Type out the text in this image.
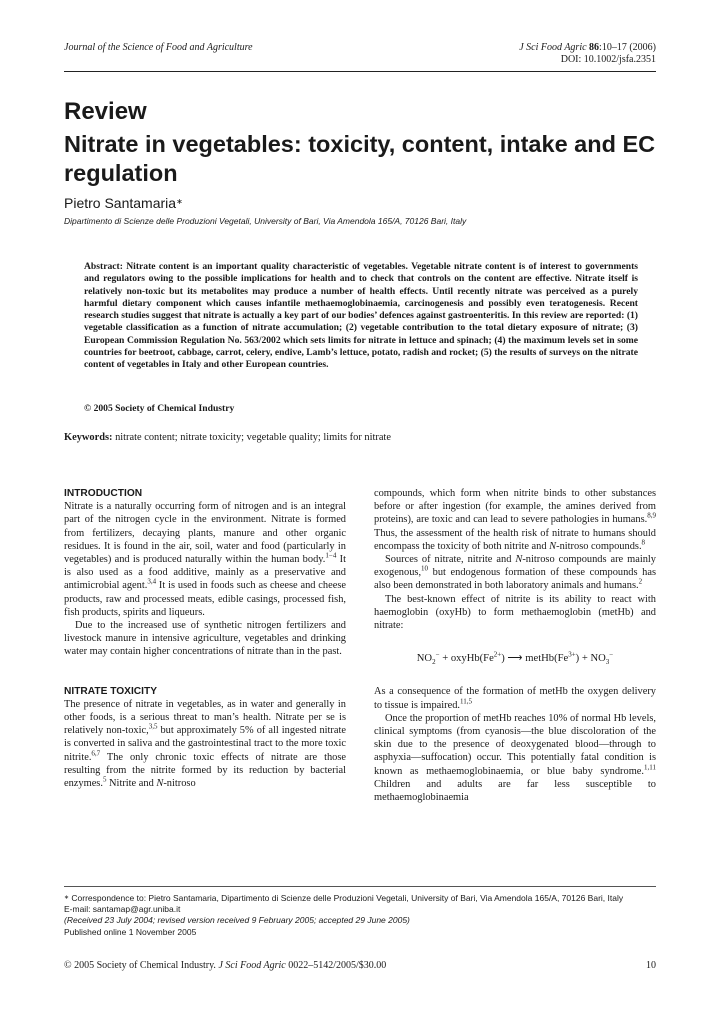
Journal of the Science of Food and Agriculture	J Sci Food Agric 86:10–17 (2006)
DOI: 10.1002/jsfa.2351
Review
Nitrate in vegetables: toxicity, content, intake and EC regulation
Pietro Santamaria∗
Dipartimento di Scienze delle Produzioni Vegetali, University of Bari, Via Amendola 165/A, 70126 Bari, Italy
Abstract: Nitrate content is an important quality characteristic of vegetables. Vegetable nitrate content is of interest to governments and regulators owing to the possible implications for health and to check that controls on the content are effective. Nitrate itself is relatively non-toxic but its metabolites may produce a number of health effects. Until recently nitrate was perceived as a purely harmful dietary component which causes infantile methaemoglobinaemia, carcinogenesis and possibly even teratogenesis. Recent research studies suggest that nitrate is actually a key part of our bodies’ defences against gastroenteritis. In this review are reported: (1) vegetable classification as a function of nitrate accumulation; (2) vegetable contribution to the total dietary exposure of nitrate; (3) European Commission Regulation No. 563/2002 which sets limits for nitrate in lettuce and spinach; (4) the maximum levels set in some countries for beetroot, cabbage, carrot, celery, endive, Lamb’s lettuce, potato, radish and rocket; (5) the results of surveys on the nitrate content of vegetables in Italy and other European countries.
© 2005 Society of Chemical Industry
Keywords: nitrate content; nitrate toxicity; vegetable quality; limits for nitrate
INTRODUCTION

Nitrate is a naturally occurring form of nitrogen and is an integral part of the nitrogen cycle in the environment. Nitrate is formed from fertilizers, decaying plants, manure and other organic residues. It is found in the air, soil, water and food (particularly in vegetables) and is produced naturally within the human body.$^{1-4}$ It is also used as a food additive, mainly as a preservative and antimicrobial agent.$^{3,4}$ It is used in foods such as cheese and cheese products, raw and processed meats, edible casings, processed fish, fish products, spirits and liqueurs.

Due to the increased use of synthetic nitrogen fertilizers and livestock manure in intensive agriculture, vegetables and drinking water may contain higher concentrations of nitrate than in the past.

NITRATE TOXICITY

The presence of nitrate in vegetables, as in water and generally in other foods, is a serious threat to man’s health. Nitrate per se is relatively non-toxic,$^{3,5}$ but approximately 5% of all ingested nitrate is converted in saliva and the gastrointestinal tract to the more toxic nitrite.$^{6,7}$ The only chronic toxic effects of nitrate are those resulting from the nitrite formed by its reduction by bacterial enzymes.$^5$ Nitrite and N-nitroso

compounds, which form when nitrite binds to other substances before or after ingestion (for example, the amines derived from proteins), are toxic and can lead to severe pathologies in humans.$^{8,9}$ Thus, the assessment of the health risk of nitrate to humans should encompass the toxicity of both nitrite and N-nitroso compounds.$^8$

Sources of nitrate, nitrite and N-nitroso compounds are mainly exogenous,$^{10}$ but endogenous formation of these compounds has also been demonstrated in both laboratory animals and humans.$^2$

The best-known effect of nitrite is its ability to react with haemoglobin (oxyHb) to form methaemoglobin (metHb) and nitrate:

$NO_2^-$ + $oxyHb(Fe^{2+})$ ⟶ $metHb(Fe^{3+}) + NO_3^-$

As a consequence of the formation of metHb the oxygen delivery to tissue is impaired.$^{11,5}$

Once the proportion of metHb reaches 10% of normal Hb levels, clinical symptoms (from cyanosis—the blue discoloration of the skin due to the presence of deoxygenated blood—through to asphyxia—suffocation) occur. This potentially fatal condition is known as methaemoglobinaemia, or blue baby syndrome.$^{1,11}$ Children and adults are far less susceptible to methaemoglobinaemia

∗ Correspondence to: Pietro Santamaria, Dipartimento di Scienze delle Produzioni Vegetali, University of Bari, Via Amendola 165/A, 70126 Bari, Italy
E-mail: santamap@agr.uniba.it
(Received 23 July 2004; revised version received 9 February 2005; accepted 29 June 2005)
Published online 1 November 2005
© 2005 Society of Chemical Industry. J Sci Food Agric 0022–5142/2005/$30.00	10
